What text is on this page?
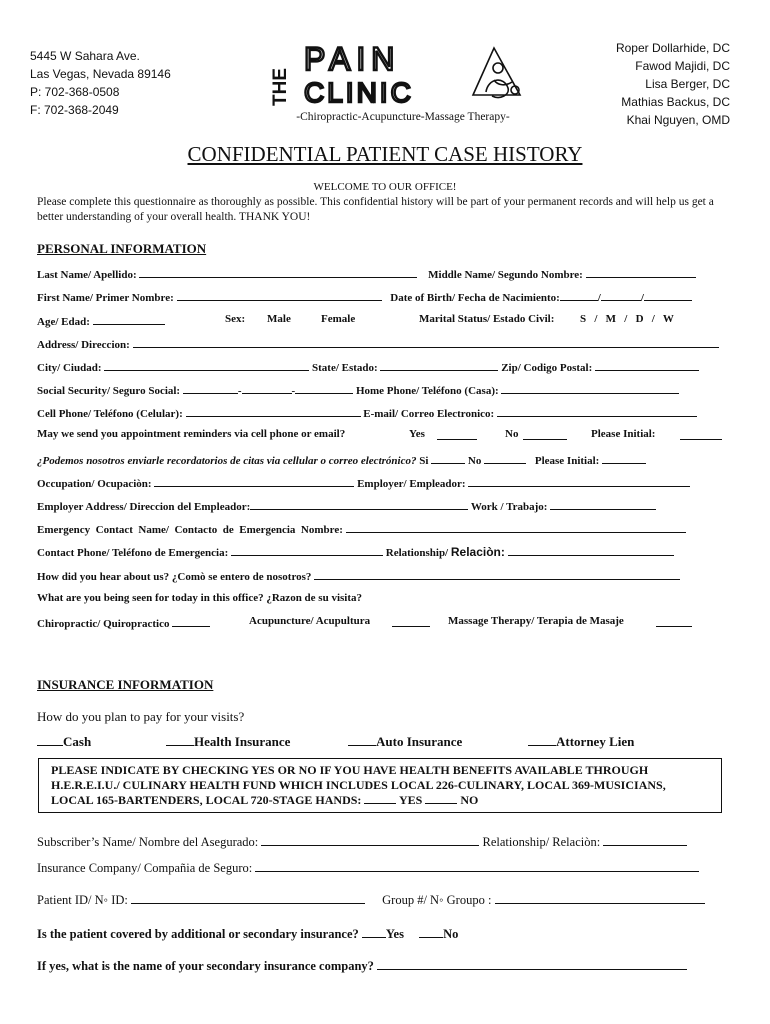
5445 W Sahara Ave.
Las Vegas, Nevada 89146
P: 702-368-0508
F: 702-368-2049
THE
PAIN
CLINIC
-Chiropractic-Acupuncture-Massage Therapy-
Roper Dollarhide, DC
Fawod Majidi, DC
Lisa Berger, DC
Mathias Backus, DC
Khai Nguyen, OMD
CONFIDENTIAL PATIENT CASE HISTORY
WELCOME TO OUR OFFICE!
Please complete this questionnaire as thoroughly as possible. This confidential history will be part of your permanent records and will help us get a better understanding of your overall health. THANK YOU!
PERSONAL INFORMATION
Last Name/ Apellido:	Middle Name/ Segundo Nombre:
First Name/ Primer Nombre:	Date of Birth/ Fecha de Nacimiento:	/	/
Age/ Edad:	Sex: Male	Female	Marital Status/ Estado Civil: S   /   M   /   D   /   W
Address/ Direccion:
City/ Ciudad:	State/ Estado:	Zip/ Codigo Postal:
Social Security/ Seguro Social:	-	-	Home Phone/ Teléfono (Casa):
Cell Phone/ Teléfono (Celular):	E-mail/ Correo Electronico:
May we send you appointment reminders via cell phone or email?	Yes	No	Please Initial:
¿Podemos nosotros enviarle recordatorios de citas via cellular o correo electrónico? Si	No	Please Initial:
Occupation/ Ocupaciòn:	Employer/ Empleador:
Employer Address/ Direccion del Empleador:	Work / Trabajo:
Emergency  Contact  Name/  Contacto  de  Emergencia  Nombre:
Contact Phone/ Teléfono de Emergencia:	Relationship/ Relaciòn:
How did you hear about us? ¿Comò se entero de nosotros?
What are you being seen for today in this office? ¿Razon de su visita?
Chiropractic/ Quiropractico	Acupuncture/ Acupultura	Massage Therapy/ Terapia de Masaje
INSURANCE INFORMATION
How do you plan to pay for your visits?
Cash	Health Insurance	Auto Insurance	Attorney Lien
PLEASE INDICATE BY CHECKING YES OR NO IF YOU HAVE HEALTH BENEFITS AVAILABLE THROUGH H.E.R.E.I.U./ CULINARY HEALTH FUND WHICH INCLUDES LOCAL 226-CULINARY, LOCAL 369-MUSICIANS, LOCAL 165-BARTENDERS, LOCAL 720-STAGE HANDS:	YES	NO
Subscriber’s Name/ Nombre del Asegurado:	Relationship/ Relaciòn:
Insurance Company/ Compañia de Seguro:
Patient ID/ N◦ ID:	Group #/ N◦ Groupo :
Is the patient covered by additional or secondary insurance? Yes	No
If yes, what is the name of your secondary insurance company?
